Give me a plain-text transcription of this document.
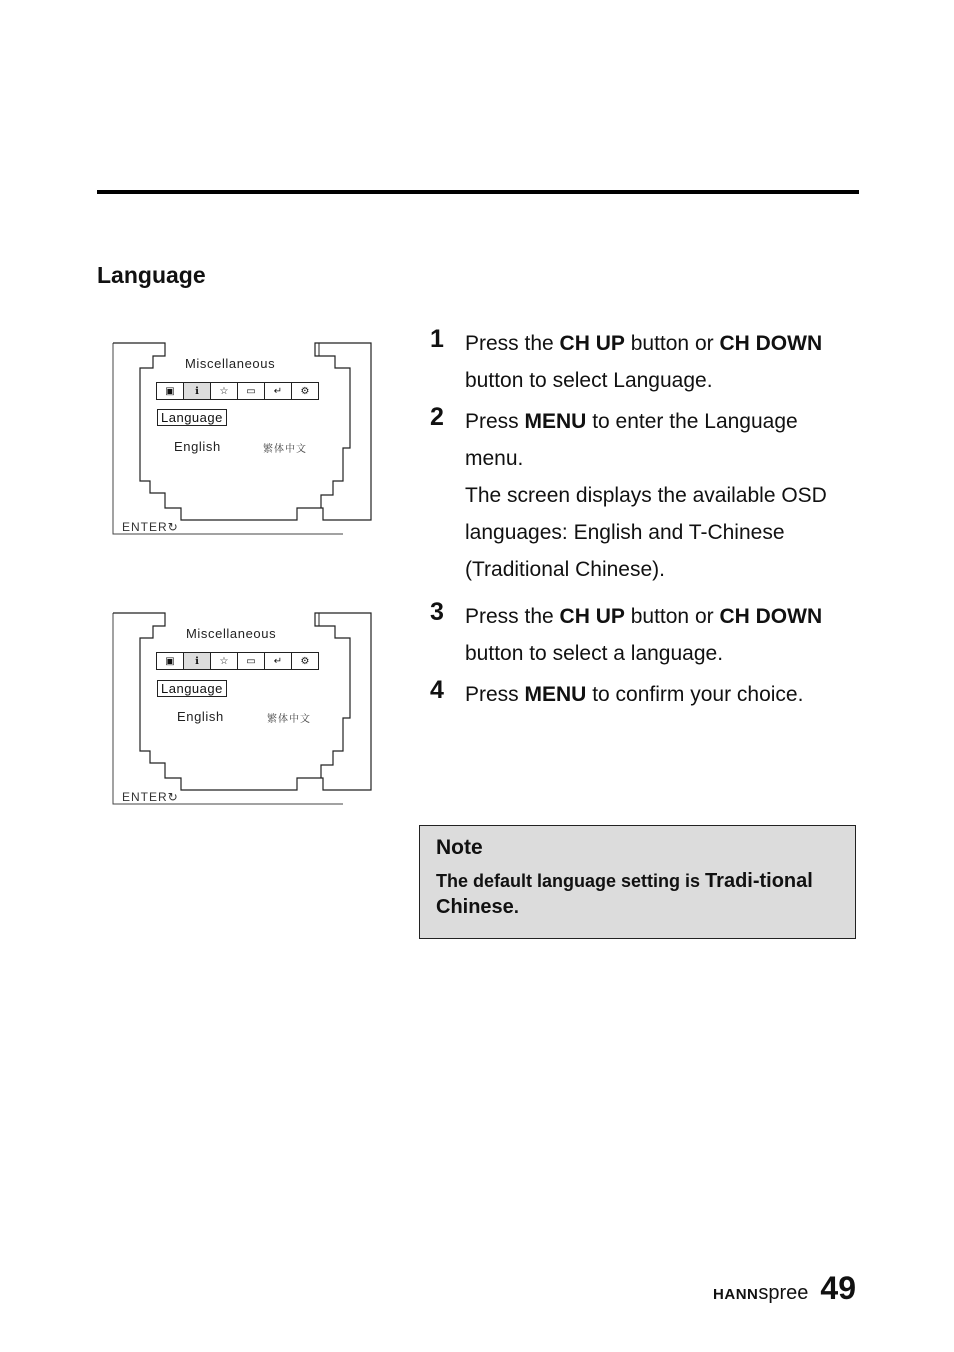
Language
Miscellaneous
▣	ℹ	☆	▭	↵	⚙
Language
English	繁体中文
ENTER↻
Miscellaneous
▣	ℹ	☆	▭	↵	⚙
Language
English	繁体中文
ENTER↻
1 Press the CH UP button or CH DOWN button to select Language.
2 Press MENU to enter the Language menu.
The screen displays the available OSD languages: English and T-Chinese (Traditional Chinese).
3 Press the CH UP button or CH DOWN button to select a language.
4 Press MENU to confirm your choice.
Note
The default language setting is Tradi-tional Chinese.
HANNspree 49
